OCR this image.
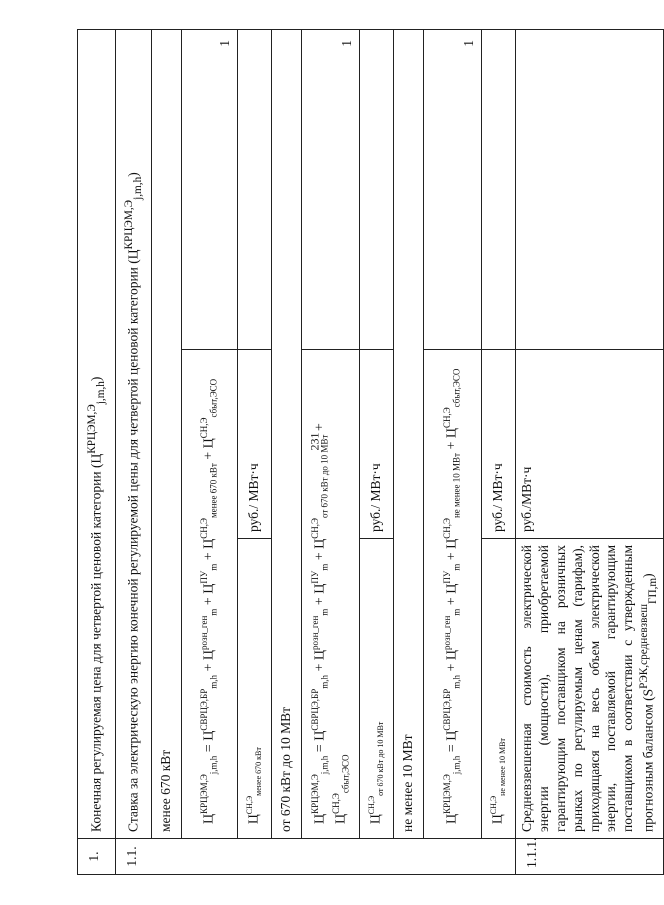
231
1.	Конечная регулируемая цена для четвертой ценовой категории $(Ц^{КРЦЭМ,Э}_{j,m,h})$		
1.1.	Ставка за электрическую энергию конечной регулируемой цены для четвертой ценовой категории $(Ц^{КРЦЭМ,Э}_{j,m,h})$		
	менее 670 кВт		
	$Ц^{КРЦЭМ,Э}_{j,m,h} = Ц^{СВРЦЭ,БР}_{m,h} + Ц^{розн\_ген}_m + Ц^{ПУ}_m + Ц^{СН,Э}_{менее 670 кВт} + Ц^{СН,Э}_{сбыт,ЭСО}$		1
	$Ц^{СН,Э}_{менее 670 кВт}$	руб./ МВт·ч	
	от 670 кВт до 10 МВт		
	$Ц^{КРЦЭМ,Э}_{j,m,h} = Ц^{СВРЦЭ,БР}_{m,h} + Ц^{розн\_ген}_m + Ц^{ПУ}_m + Ц^{СН,Э}_{от 670 кВт до 10 МВт} + Ц^{СН,Э}_{сбыт,ЭСО}$		1
	$Ц^{СН,Э}_{от 670 кВт до 10 МВт}$	руб./ МВт·ч	
	не менее 10 МВт		
	$Ц^{КРЦЭМ,Э}_{j,m,h} = Ц^{СВРЦЭ,БР}_{m,h} + Ц^{розн\_ген}_m + Ц^{ПУ}_m + Ц^{СН,Э}_{не менее 10 МВт} + Ц^{СН,Э}_{сбыт,ЭСО}$		1
	$Ц^{СН,Э}_{не менее 10 МВт}$	руб./ МВт·ч	
1.1.1.	Средневзвешенная стоимость электрической энергии (мощности), приобретаемой гарантирующим поставщиком на розничных рынках по регулируемым ценам (тарифам), приходящаяся на весь объем электрической энергии, поставляемой гарантирующим поставщиком в соответствии с утвержденным прогнозным балансом $(S^{РЭК,средневзвеш}_{ГП,m})$	руб./МВт·ч	
